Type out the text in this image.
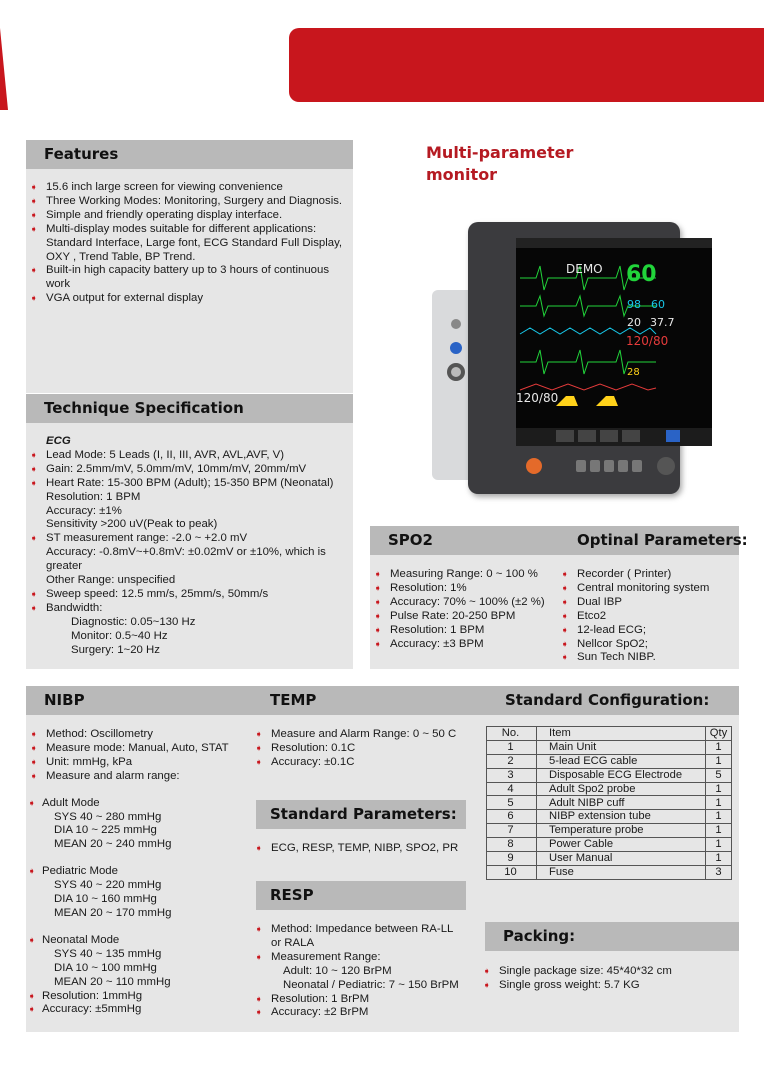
Features
➧ 15.6 inch large screen for viewing convenience
➧ Three Working Modes: Monitoring, Surgery and Diagnosis.
➧ Simple and friendly operating display interface.
➧ Multi-display modes suitable for different applications:
Standard Interface, Large font, ECG Standard Full Display,
OXY , Trend Table, BP Trend.
➧ Built-in high capacity battery up to 3 hours of continuous
work
➧ VGA output for external display
Technique Specification
ECG
➧ Lead Mode: 5 Leads (I, II, III, AVR, AVL,AVF, V)
➧ Gain: 2.5mm/mV, 5.0mm/mV, 10mm/mV, 20mm/mV
➧ Heart Rate: 15-300 BPM (Adult); 15-350 BPM (Neonatal)
Resolution: 1 BPM
Accuracy: ±1%
Sensitivity >200 uV(Peak to peak)
➧ ST measurement range: -2.0 ~ +2.0 mV
Accuracy: -0.8mV~+0.8mV: ±0.02mV or ±10%, which is
greater
Other Range: unspecified
➧ Sweep speed: 12.5 mm/s, 25mm/s, 50mm/s
➧ Bandwidth:
Diagnostic: 0.05~130 Hz
Monitor: 0.5~40 Hz
Surgery: 1~20 Hz
Multi-parameter
monitor
DEMO 60
98 60
20 37.7
120/80
28
120/80
SPO2	Optinal Parameters:
➧ Measuring Range: 0 ~ 100 %
➧ Resolution: 1%
➧ Accuracy: 70% ~ 100% (±2 %)
➧ Pulse Rate: 20-250 BPM
➧ Resolution: 1 BPM
➧ Accuracy: ±3 BPM
➧ Recorder ( Printer)
➧ Central monitoring system
➧ Dual IBP
➧ Etco2
➧ 12-lead ECG;
➧ Nellcor SpO2;
➧ Sun Tech NIBP.
NIBP	TEMP	Standard Configuration:
➧ Method: Oscillometry
➧ Measure mode: Manual, Auto, STAT
➧ Unit: mmHg, kPa
➧ Measure and alarm range:
➧ Adult Mode
SYS 40 ~ 280 mmHg
DIA 10 ~ 225 mmHg
MEAN 20 ~ 240 mmHg
➧ Pediatric Mode
SYS 40 ~ 220 mmHg
DIA 10 ~ 160 mmHg
MEAN 20 ~ 170 mmHg
➧ Neonatal Mode
SYS 40 ~ 135 mmHg
DIA 10 ~ 100 mmHg
MEAN 20 ~ 110 mmHg
➧ Resolution: 1mmHg
➧ Accuracy: ±5mmHg
➧ Measure and Alarm Range: 0 ~ 50 C
➧ Resolution: 0.1C
➧ Accuracy: ±0.1C
Standard Parameters:
➧ ECG, RESP, TEMP, NIBP, SPO2, PR
RESP
➧ Method: Impedance between RA-LL
or RALA
➧ Measurement Range:
Adult: 10 ~ 120 BrPM
Neonatal / Pediatric: 7 ~ 150 BrPM
➧ Resolution: 1 BrPM
➧ Accuracy: ±2 BrPM
No.	Item	Qty
1	Main Unit	1
2	5-lead ECG cable	1
3	Disposable ECG Electrode	5
4	Adult Spo2 probe	1
5	Adult NIBP cuff	1
6	NIBP extension tube	1
7	Temperature probe	1
8	Power Cable	1
9	User Manual	1
10	Fuse	3
Packing:
➧ Single package size: 45*40*32 cm
➧ Single gross weight: 5.7 KG
